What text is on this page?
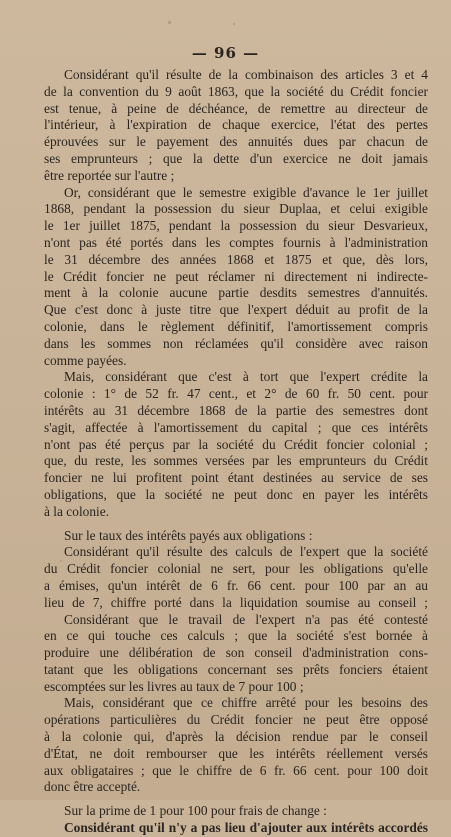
— 96 —
Considérant qu'il résulte de la combinaison des articles 3 et 4
de la convention du 9 août 1863, que la société du Crédit foncier
est tenue, à peine de déchéance, de remettre au directeur de
l'intérieur, à l'expiration de chaque exercice, l'état des pertes
éprouvées sur le payement des annuités dues par chacun de
ses emprunteurs ; que la dette d'un exercice ne doit jamais
être reportée sur l'autre ;
Or, considérant que le semestre exigible d'avance le 1er juillet
1868, pendant la possession du sieur Duplaa, et celui exigible
le 1er juillet 1875, pendant la possession du sieur Desvarieux,
n'ont pas été portés dans les comptes fournis à l'administration
le 31 décembre des années 1868 et 1875 et que, dès lors,
le Crédit foncier ne peut réclamer ni directement ni indirecte-
ment à la colonie aucune partie desdits semestres d'annuités.
Que c'est donc à juste titre que l'expert déduit au profit de la
colonie, dans le règlement définitif, l'amortissement compris
dans les sommes non réclamées qu'il considère avec raison
comme payées.
Mais, considérant que c'est à tort que l'expert crédite la
colonie : 1° de 52 fr. 47 cent., et 2° de 60 fr. 50 cent. pour
intérêts au 31 décembre 1868 de la partie des semestres dont
s'agit, affectée à l'amortissement du capital ; que ces intérêts
n'ont pas été perçus par la société du Crédit foncier colonial ;
que, du reste, les sommes versées par les emprunteurs du Crédit
foncier ne lui profitent point étant destinées au service de ses
obligations, que la société ne peut donc en payer les intérêts
à la colonie.
Sur le taux des intérêts payés aux obligations :
Considérant qu'il résulte des calculs de l'expert que la société
du Crédit foncier colonial ne sert, pour les obligations qu'elle
a émises, qu'un intérêt de 6 fr. 66 cent. pour 100 par an au
lieu de 7, chiffre porté dans la liquidation soumise au conseil ;
Considérant que le travail de l'expert n'a pas été contesté
en ce qui touche ces calculs ; que la société s'est bornée à
produire une délibération de son conseil d'administration cons-
tatant que les obligations concernant ses prêts fonciers étaient
escomptées sur les livres au taux de 7 pour 100 ;
Mais, considérant que ce chiffre arrêté pour les besoins des
opérations particulières du Crédit foncier ne peut être opposé
à la colonie qui, d'après la décision rendue par le conseil
d'État, ne doit rembourser que les intérêts réellement versés
aux obligataires ; que le chiffre de 6 fr. 66 cent. pour 100 doit
donc être accepté.
Sur la prime de 1 pour 100 pour frais de change :
Considérant qu'il n'y a pas lieu d'ajouter aux intérêts accordés
